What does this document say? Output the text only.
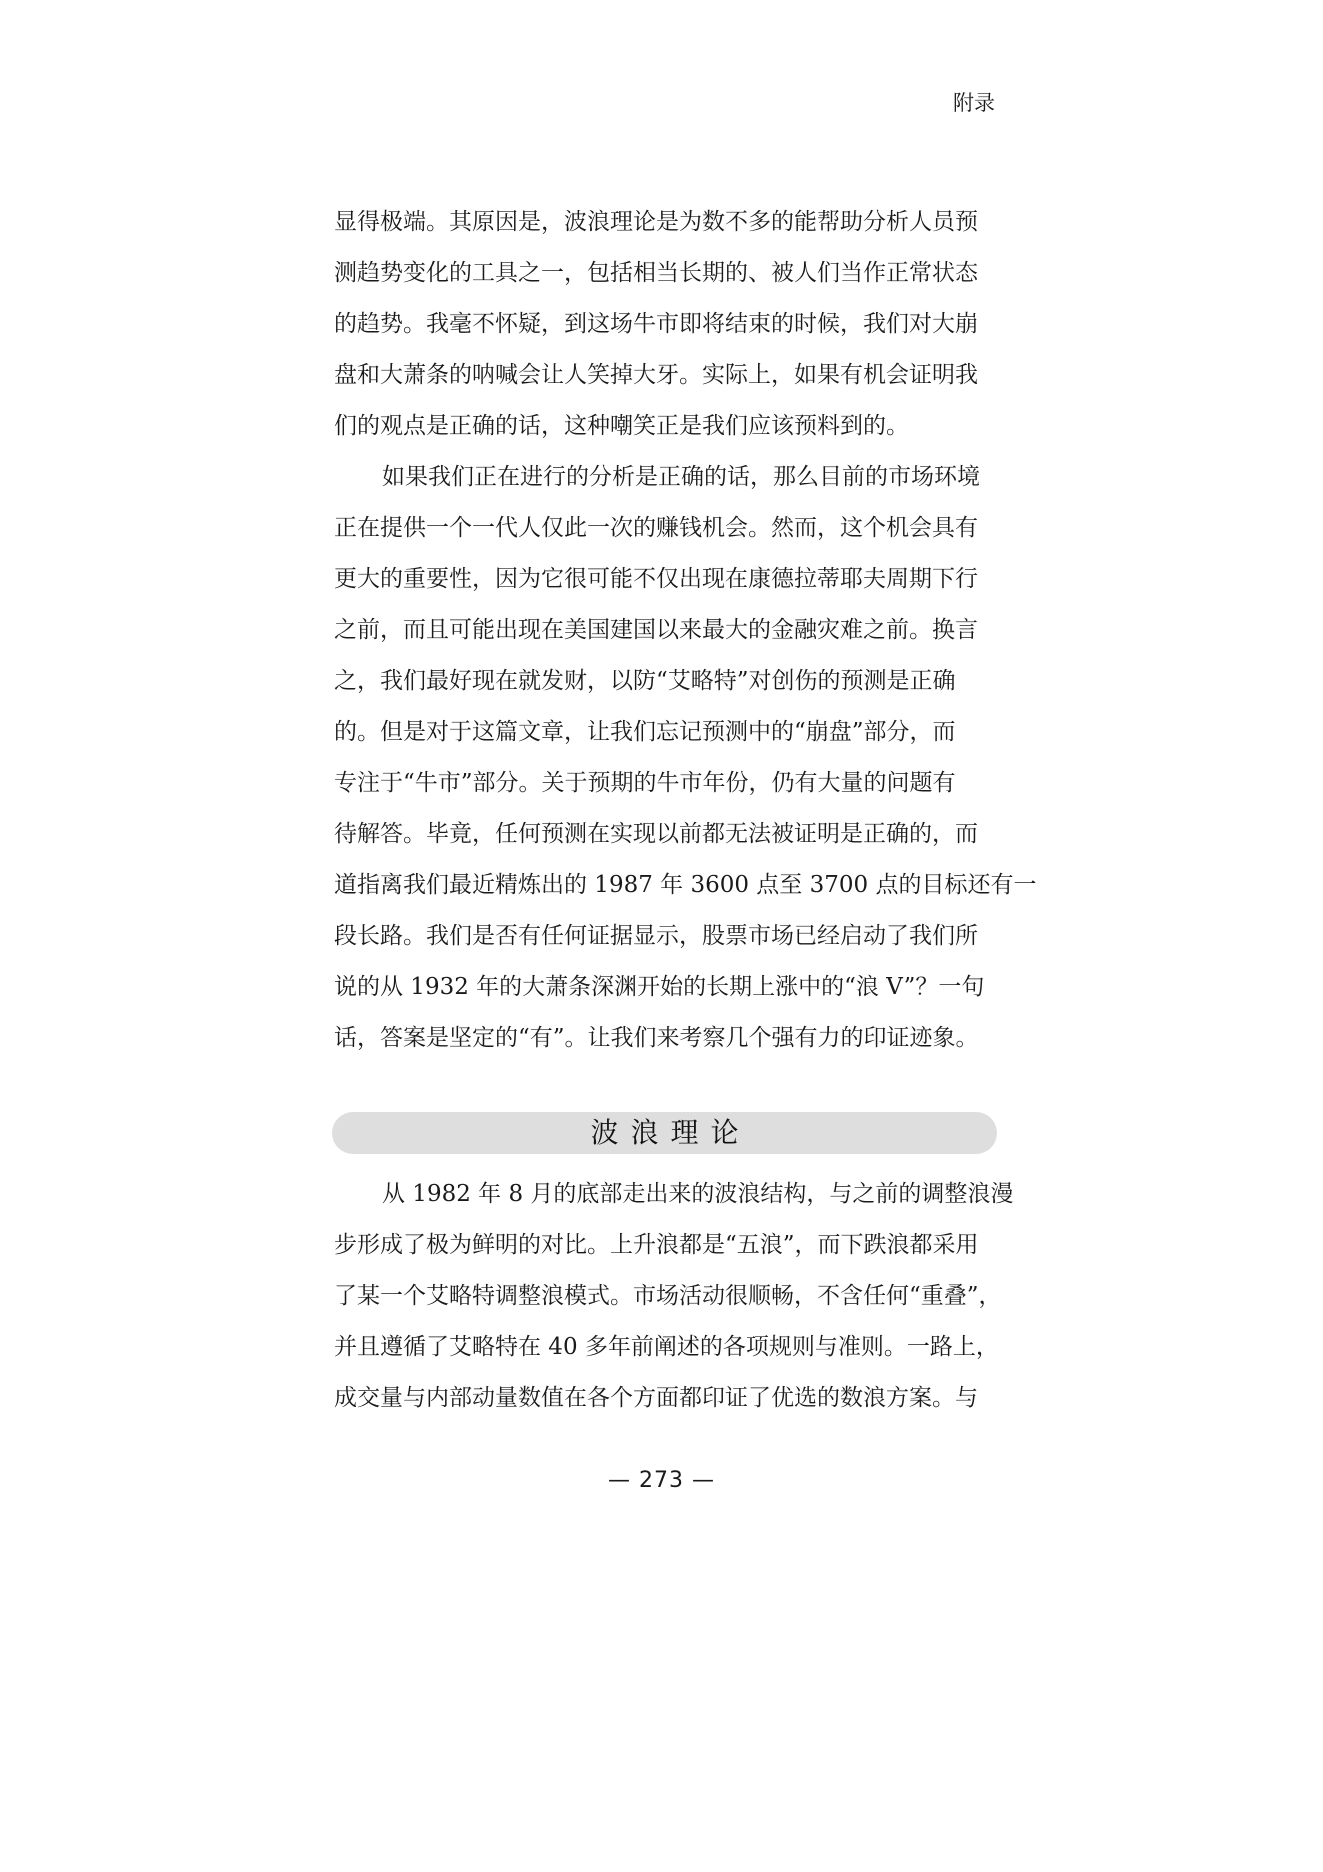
附录
显得极端。其原因是，波浪理论是为数不多的能帮助分析人员预
测趋势变化的工具之一，包括相当长期的、被人们当作正常状态
的趋势。我毫不怀疑，到这场牛市即将结束的时候，我们对大崩
盘和大萧条的呐喊会让人笑掉大牙。实际上，如果有机会证明我
们的观点是正确的话，这种嘲笑正是我们应该预料到的。
如果我们正在进行的分析是正确的话，那么目前的市场环境
正在提供一个一代人仅此一次的赚钱机会。然而，这个机会具有
更大的重要性，因为它很可能不仅出现在康德拉蒂耶夫周期下行
之前，而且可能出现在美国建国以来最大的金融灾难之前。换言
之，我们最好现在就发财，以防“艾略特”对创伤的预测是正确
的。但是对于这篇文章，让我们忘记预测中的“崩盘”部分，而
专注于“牛市”部分。关于预期的牛市年份，仍有大量的问题有
待解答。毕竟，任何预测在实现以前都无法被证明是正确的，而
道指离我们最近精炼出的 1987 年 3600 点至 3700 点的目标还有一
段长路。我们是否有任何证据显示，股票市场已经启动了我们所
说的从 1932 年的大萧条深渊开始的长期上涨中的“浪 V”？一句
话，答案是坚定的“有”。让我们来考察几个强有力的印证迹象。
波浪理论
从 1982 年 8 月的底部走出来的波浪结构，与之前的调整浪漫
步形成了极为鲜明的对比。上升浪都是“五浪”，而下跌浪都采用
了某一个艾略特调整浪模式。市场活动很顺畅，不含任何“重叠”，
并且遵循了艾略特在 40 多年前阐述的各项规则与准则。一路上，
成交量与内部动量数值在各个方面都印证了优选的数浪方案。与
— 273 —
